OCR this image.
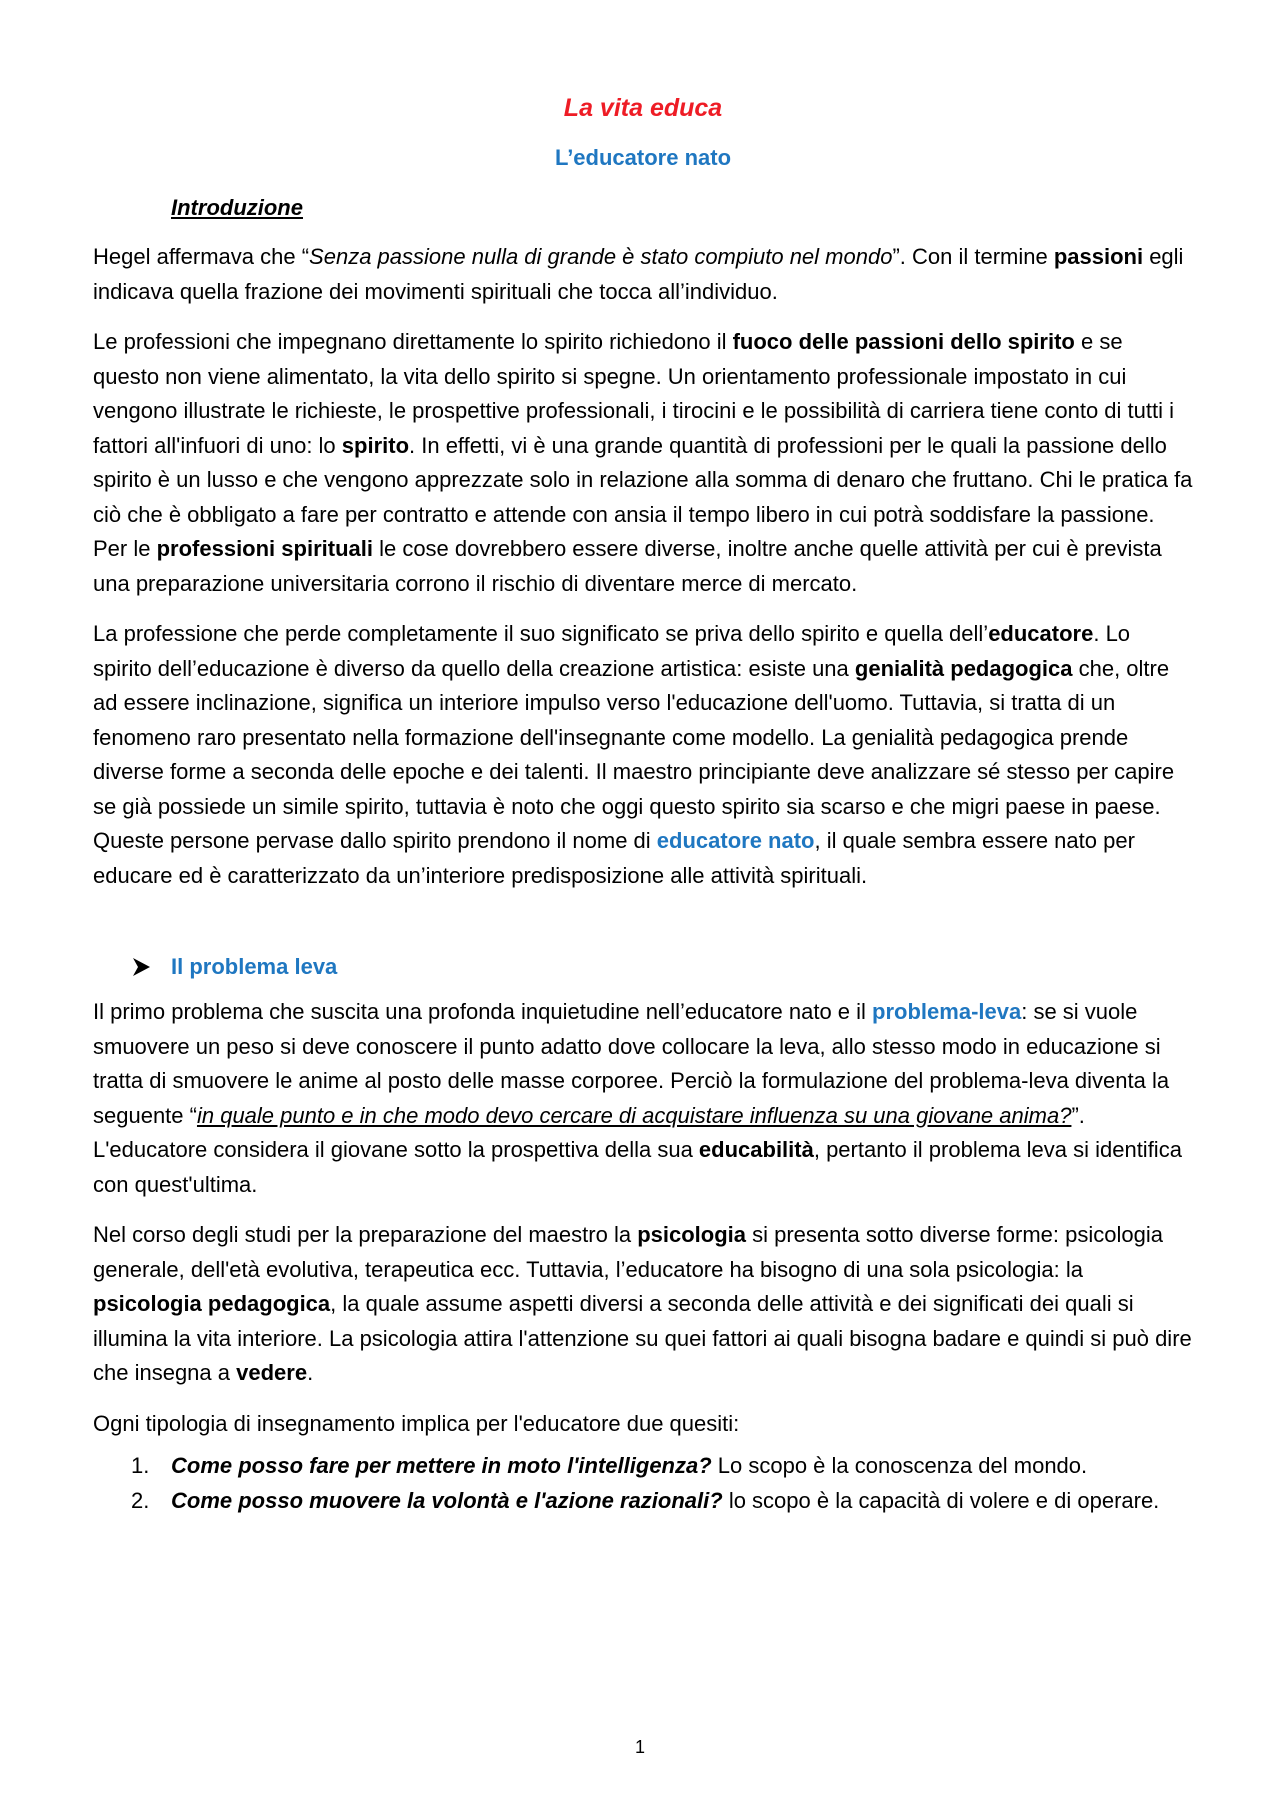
La vita educa
L’educatore nato
Introduzione

Hegel affermava che “Senza passione nulla di grande è stato compiuto nel mondo”. Con il termine passioni egli indicava quella frazione dei movimenti spirituali che tocca all’individuo.

Le professioni che impegnano direttamente lo spirito richiedono il fuoco delle passioni dello spirito e se questo non viene alimentato, la vita dello spirito si spegne. Un orientamento professionale impostato in cui vengono illustrate le richieste, le prospettive professionali, i tirocini e le possibilità di carriera tiene conto di tutti i fattori all'infuori di uno: lo spirito. In effetti, vi è una grande quantità di professioni per le quali la passione dello spirito è un lusso e che vengono apprezzate solo in relazione alla somma di denaro che fruttano. Chi le pratica fa ciò che è obbligato a fare per contratto e attende con ansia il tempo libero in cui potrà soddisfare la passione. Per le professioni spirituali le cose dovrebbero essere diverse, inoltre anche quelle attività per cui è prevista una preparazione universitaria corrono il rischio di diventare merce di mercato.

La professione che perde completamente il suo significato se priva dello spirito e quella dell’educatore. Lo spirito dell’educazione è diverso da quello della creazione artistica: esiste una genialità pedagogica che, oltre ad essere inclinazione, significa un interiore impulso verso l'educazione dell'uomo. Tuttavia, si tratta di un fenomeno raro presentato nella formazione dell'insegnante come modello. La genialità pedagogica prende diverse forme a seconda delle epoche e dei talenti. Il maestro principiante deve analizzare sé stesso per capire se già possiede un simile spirito, tuttavia è noto che oggi questo spirito sia scarso e che migri paese in paese. Queste persone pervase dallo spirito prendono il nome di educatore nato, il quale sembra essere nato per educare ed è caratterizzato da un’interiore predisposizione alle attività spirituali.

Il problema leva

Il primo problema che suscita una profonda inquietudine nell’educatore nato e il problema-leva: se si vuole smuovere un peso si deve conoscere il punto adatto dove collocare la leva, allo stesso modo in educazione si tratta di smuovere le anime al posto delle masse corporee. Perciò la formulazione del problema-leva diventa la seguente “in quale punto e in che modo devo cercare di acquistare influenza su una giovane anima?”. L'educatore considera il giovane sotto la prospettiva della sua educabilità, pertanto il problema leva si identifica con quest'ultima.

Nel corso degli studi per la preparazione del maestro la psicologia si presenta sotto diverse forme: psicologia generale, dell'età evolutiva, terapeutica ecc. Tuttavia, l’educatore ha bisogno di una sola psicologia: la psicologia pedagogica, la quale assume aspetti diversi a seconda delle attività e dei significati dei quali si illumina la vita interiore. La psicologia attira l'attenzione su quei fattori ai quali bisogna badare e quindi si può dire che insegna a vedere.

Ogni tipologia di insegnamento implica per l'educatore due quesiti:

1. Come posso fare per mettere in moto l'intelligenza? Lo scopo è la conoscenza del mondo.
2. Come posso muovere la volontà e l'azione razionali? lo scopo è la capacità di volere e di operare.
1
